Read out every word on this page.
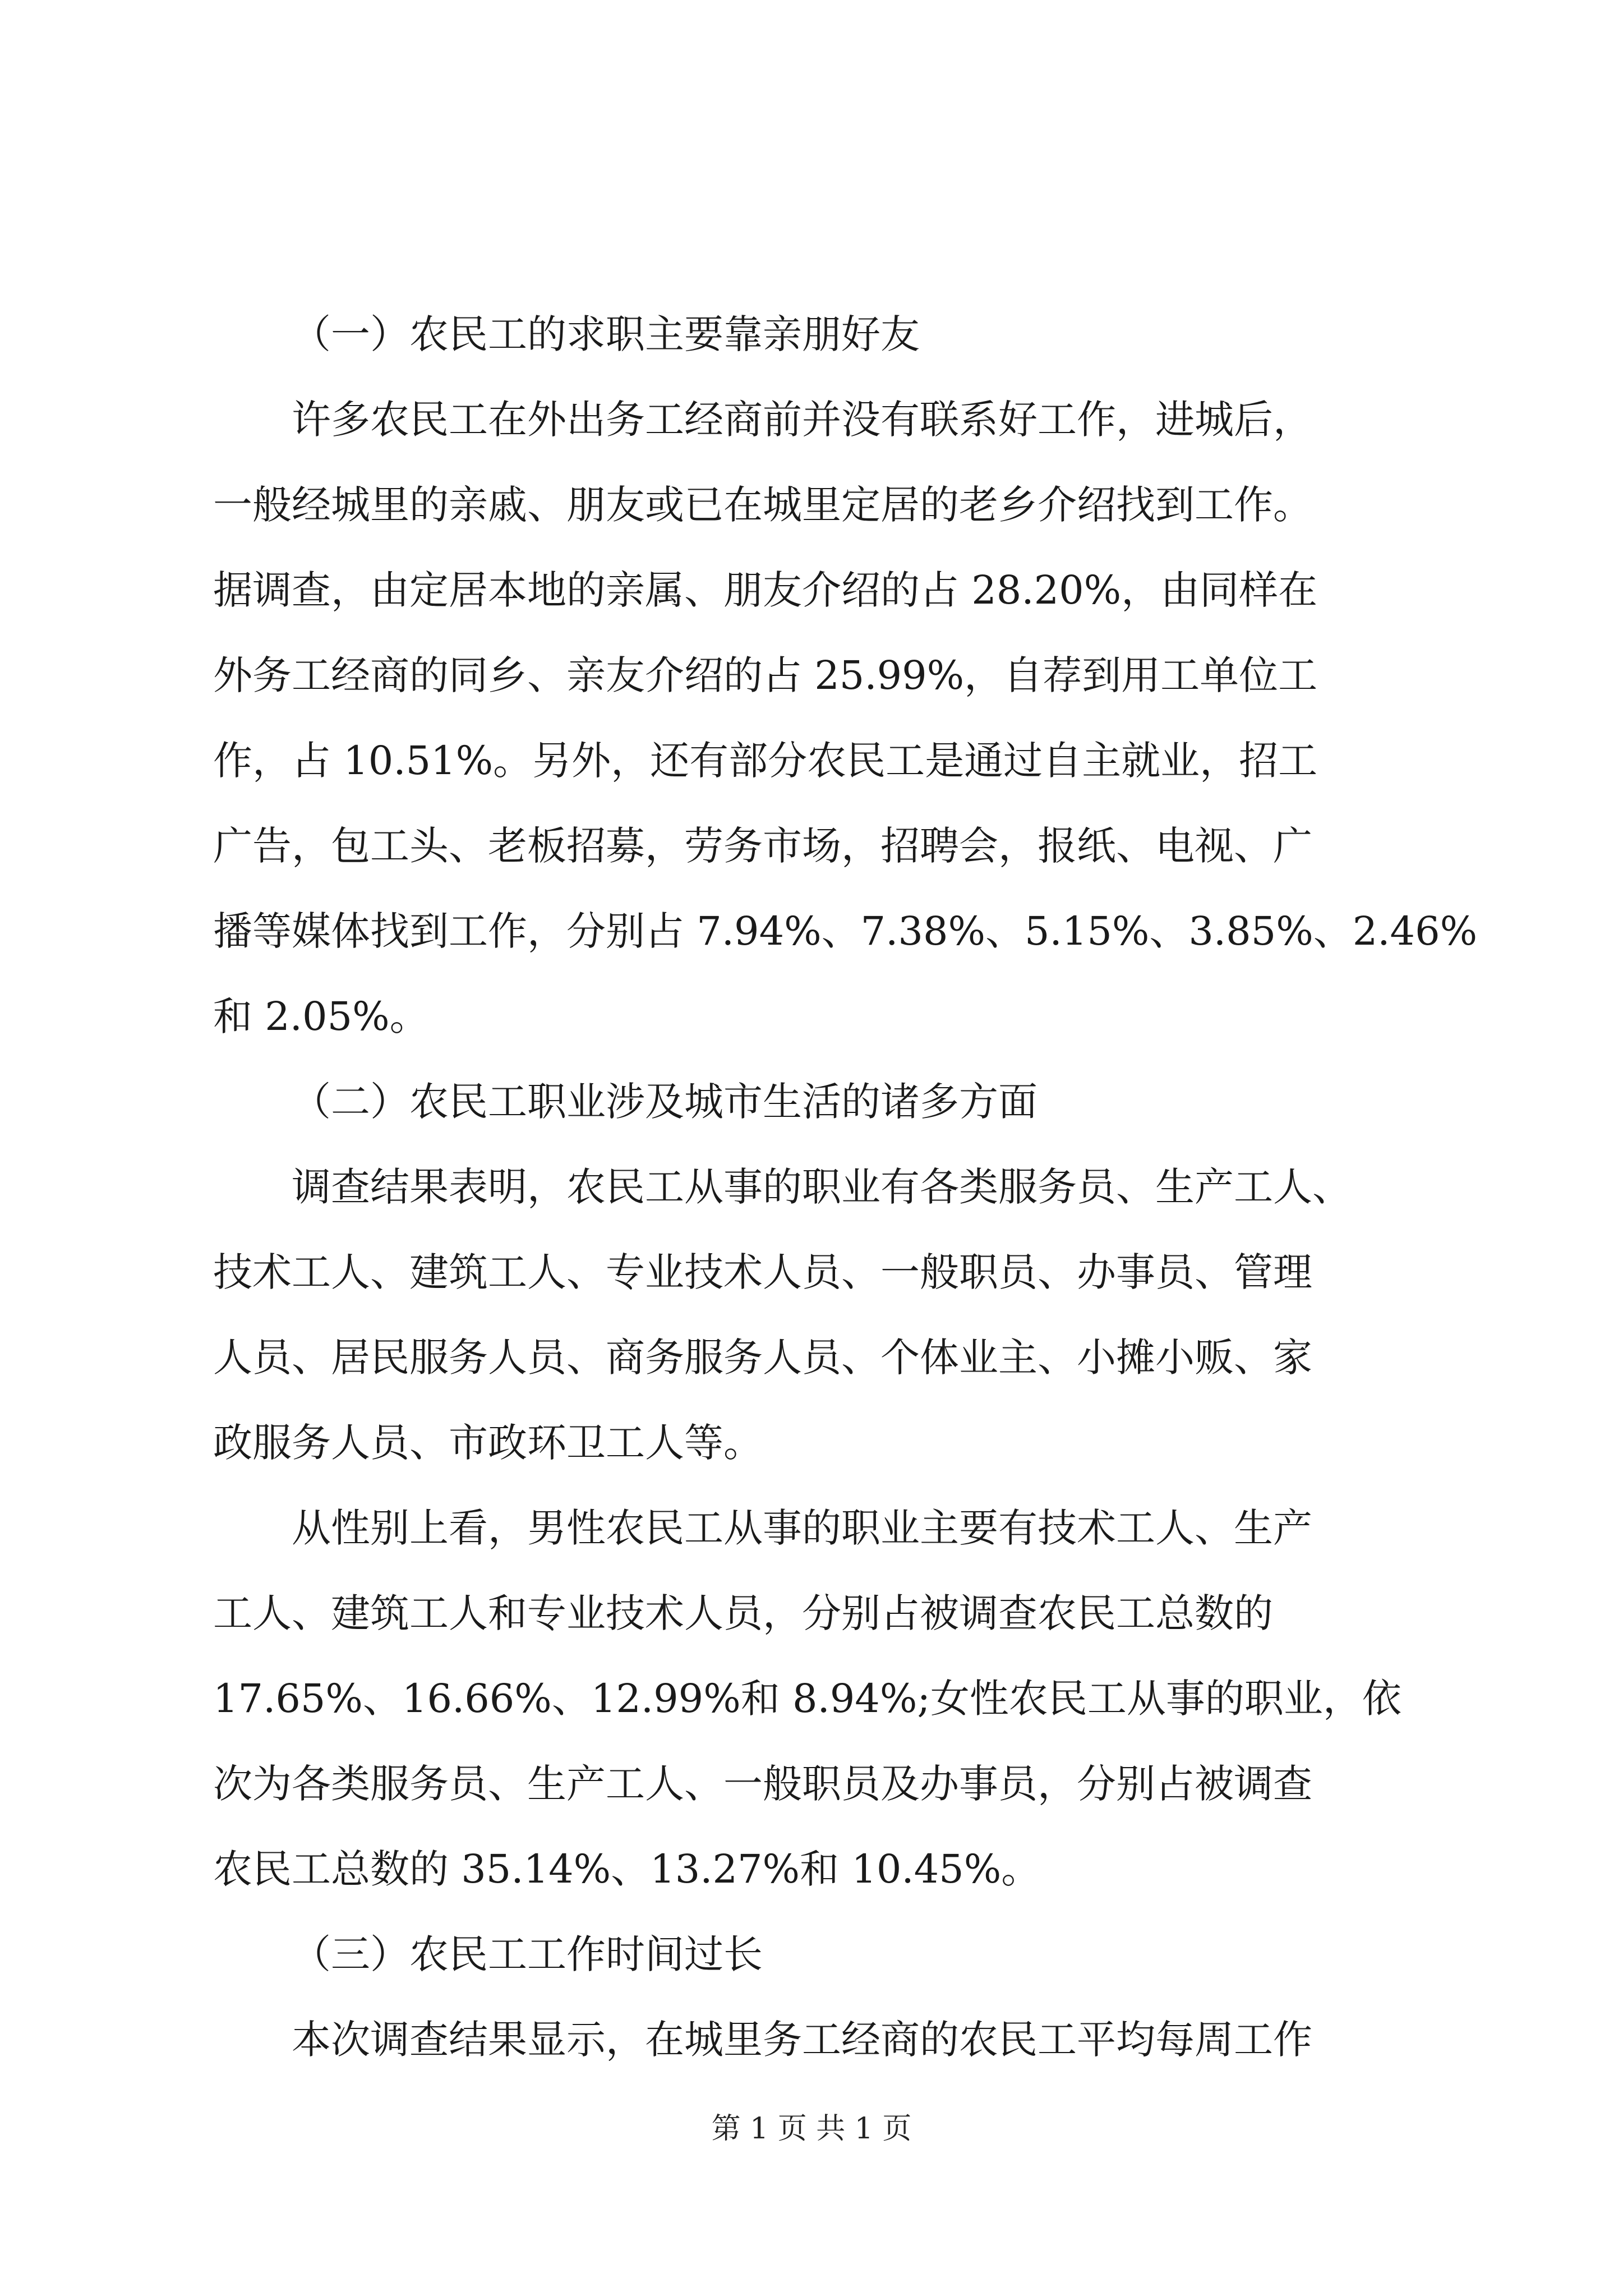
（一）农民工的求职主要靠亲朋好友
许多农民工在外出务工经商前并没有联系好工作，进城后，
一般经城里的亲戚、朋友或已在城里定居的老乡介绍找到工作。
据调查，由定居本地的亲属、朋友介绍的占 28.20%，由同样在
外务工经商的同乡、亲友介绍的占 25.99%，自荐到用工单位工
作，占 10.51%。另外，还有部分农民工是通过自主就业，招工
广告，包工头、老板招募，劳务市场，招聘会，报纸、电视、广
播等媒体找到工作，分别占 7.94%、7.38%、5.15%、3.85%、2.46%
和 2.05%。
（二）农民工职业涉及城市生活的诸多方面
调查结果表明，农民工从事的职业有各类服务员、生产工人、
技术工人、建筑工人、专业技术人员、一般职员、办事员、管理
人员、居民服务人员、商务服务人员、个体业主、小摊小贩、家
政服务人员、市政环卫工人等。
从性别上看，男性农民工从事的职业主要有技术工人、生产
工人、建筑工人和专业技术人员，分别占被调查农民工总数的
17.65%、16.66%、12.99%和 8.94%;女性农民工从事的职业，依
次为各类服务员、生产工人、一般职员及办事员，分别占被调查
农民工总数的 35.14%、13.27%和 10.45%。
（三）农民工工作时间过长
本次调查结果显示，在城里务工经商的农民工平均每周工作
第 1 页 共 1 页
